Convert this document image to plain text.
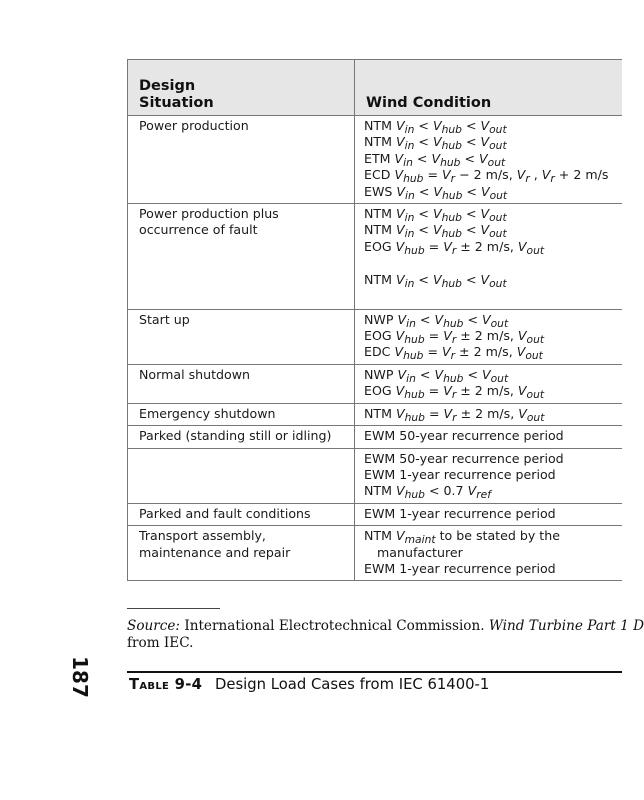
Design
Situation	Wind Condition
Power production	NTM $V_{in} < V_{hub} < V_{out}$
NTM $V_{in} < V_{hub} < V_{out}$
ETM $V_{in} < V_{hub} < V_{out}$
ECD $V_{hub} = V_r - 2$ m/s, $V_r$ , $V_r + 2$ m/s
EWS $V_{in} < V_{hub} < V_{out}$

Power production plus occurrence of fault	NTM $V_{in} < V_{hub} < V_{out}$
NTM $V_{in} < V_{hub} < V_{out}$
EOG $V_{hub} = V_r \pm 2$ m/s, $V_{out}$
NTM $V_{in} < V_{hub} < V_{out}$

Start up	NWP $V_{in} < V_{hub} < V_{out}$
EOG $V_{hub} = V_r \pm 2$ m/s, $V_{out}$
EDC $V_{hub} = V_r \pm 2$ m/s, $V_{out}$

Normal shutdown	NWP $V_{in} < V_{hub} < V_{out}$
EOG $V_{hub} = V_r \pm 2$ m/s, $V_{out}$

Emergency shutdown	NTM $V_{hub} = V_r \pm 2$ m/s, $V_{out}$

Parked (standing still or idling)	EWM 50-year recurrence period

	EWM 50-year recurrence period
EWM 1-year recurrence period
NTM $V_{hub} < 0.7$ $V_{ref}$

Parked and fault conditions	EWM 1-year recurrence period

Transport assembly, maintenance and repair	NTM $V_{maint}$ to be stated by the
manufacturer
EWM 1-year recurrence period
Source: International Electrotechnical Commission. Wind Turbine Part 1 D
from IEC.
187	Table 9-4 Design Load Cases from IEC 61400-1
